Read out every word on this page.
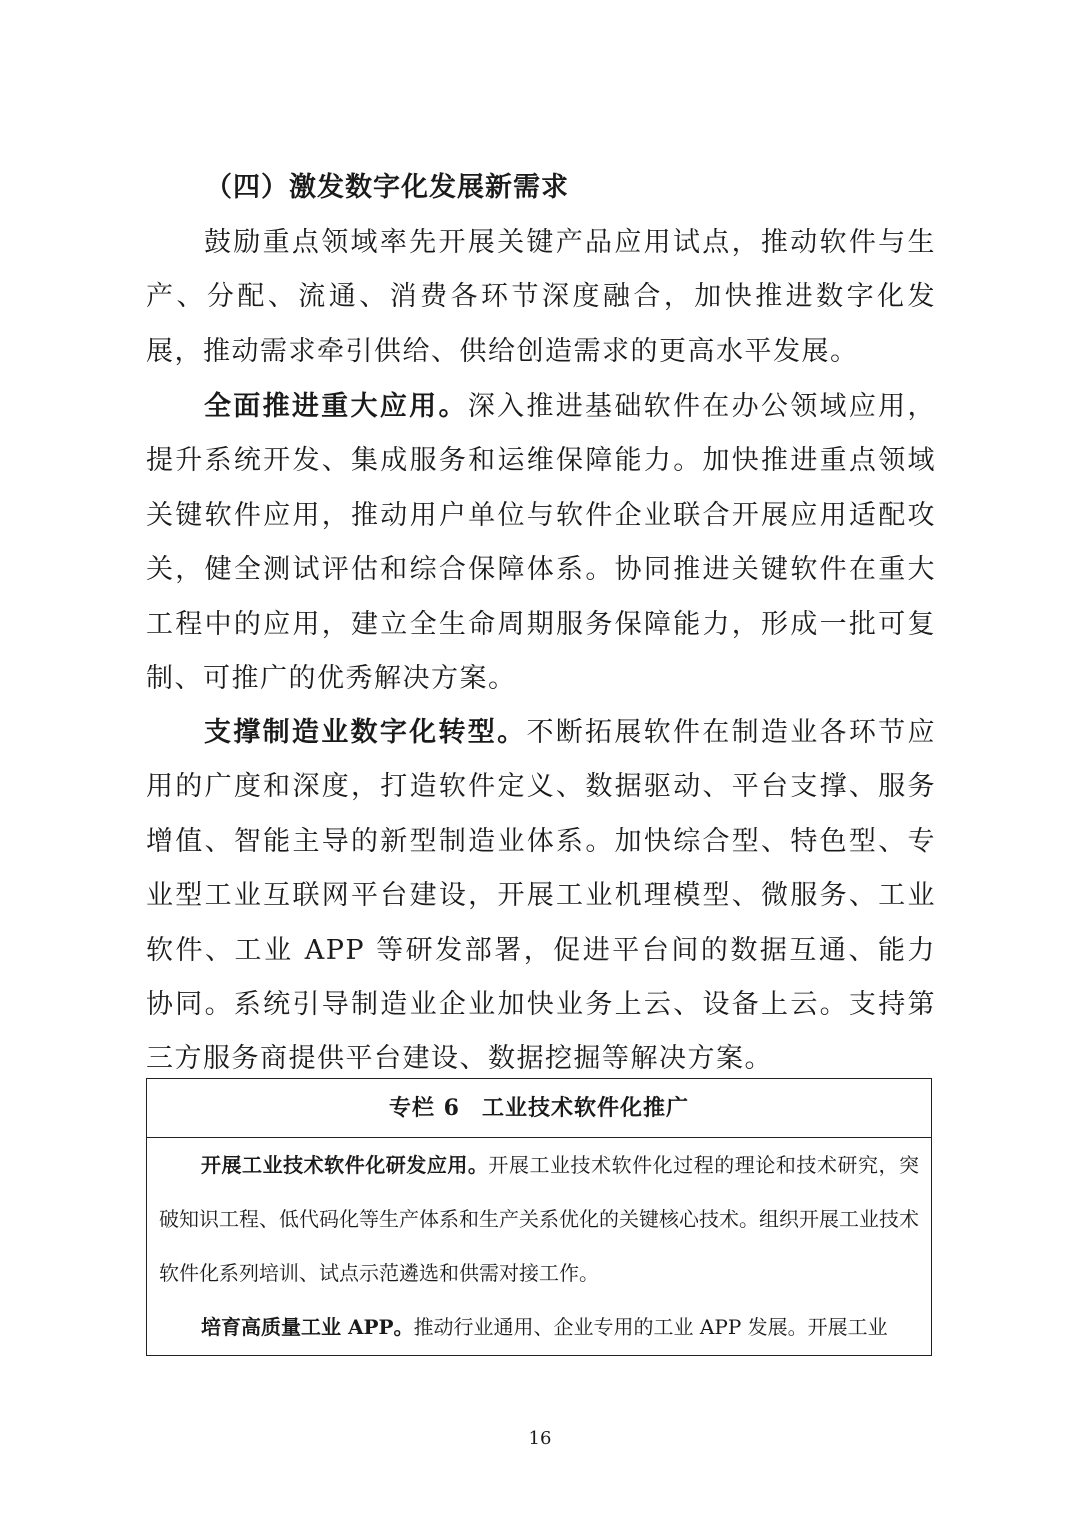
（四）激发数字化发展新需求

鼓励重点领域率先开展关键产品应用试点，推动软件与生产、分配、流通、消费各环节深度融合，加快推进数字化发展，推动需求牵引供给、供给创造需求的更高水平发展。

全面推进重大应用。深入推进基础软件在办公领域应用，提升系统开发、集成服务和运维保障能力。加快推进重点领域关键软件应用，推动用户单位与软件企业联合开展应用适配攻关，健全测试评估和综合保障体系。协同推进关键软件在重大工程中的应用，建立全生命周期服务保障能力，形成一批可复制、可推广的优秀解决方案。

支撑制造业数字化转型。不断拓展软件在制造业各环节应用的广度和深度，打造软件定义、数据驱动、平台支撑、服务增值、智能主导的新型制造业体系。加快综合型、特色型、专业型工业互联网平台建设，开展工业机理模型、微服务、工业软件、工业 APP 等研发部署，促进平台间的数据互通、能力协同。系统引导制造业企业加快业务上云、设备上云。支持第三方服务商提供平台建设、数据挖掘等解决方案。

专栏 6 工业技术软件化推广

开展工业技术软件化研发应用。开展工业技术软件化过程的理论和技术研究，突破知识工程、低代码化等生产体系和生产关系优化的关键核心技术。组织开展工业技术软件化系列培训、试点示范遴选和供需对接工作。

培育高质量工业 APP。推动行业通用、企业专用的工业 APP 发展。开展工业

16
